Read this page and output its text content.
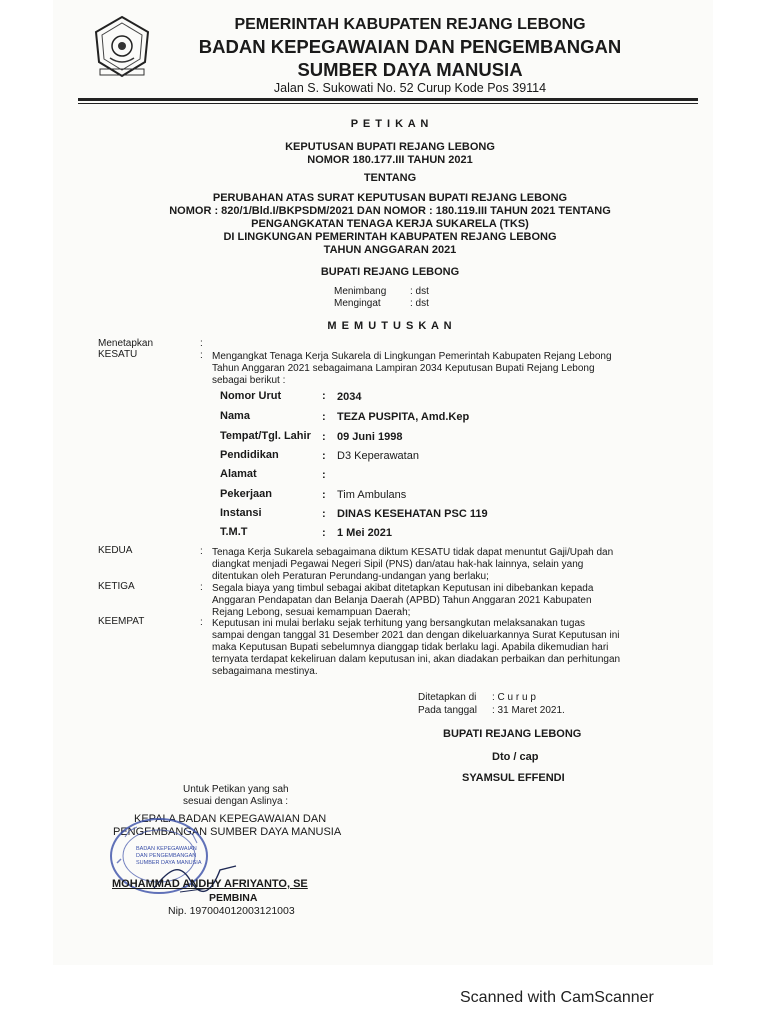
PEMERINTAH KABUPATEN REJANG LEBONG
BADAN KEPEGAWAIAN DAN PENGEMBANGAN
SUMBER DAYA MANUSIA
Jalan S. Sukowati No. 52 Curup Kode Pos 39114
P E T I K A N
KEPUTUSAN BUPATI REJANG LEBONG
NOMOR 180.177.III TAHUN 2021
TENTANG
PERUBAHAN ATAS SURAT KEPUTUSAN BUPATI REJANG LEBONG
NOMOR : 820/1/Bld.I/BKPSDM/2021 DAN NOMOR : 180.119.III TAHUN 2021 TENTANG
PENGANGKATAN TENAGA KERJA SUKARELA (TKS)
DI LINGKUNGAN PEMERINTAH KABUPATEN REJANG LEBONG
TAHUN ANGGARAN 2021
BUPATI REJANG LEBONG
Menimbang : dst
Mengingat	: dst
M E M U T U S K A N
Menetapkan	:
KESATU	: Mengangkat Tenaga Kerja Sukarela di Lingkungan Pemerintah Kabupaten Rejang Lebong
Tahun Anggaran 2021 sebagaimana Lampiran 2034 Keputusan Bupati Rejang Lebong
sebagai berikut :
Nomor Urut	: 2034
Nama	: TEZA PUSPITA, Amd.Kep
Tempat/Tgl. Lahir : 09 Juni 1998
Pendidikan	: D3 Keperawatan
Alamat	:
Pekerjaan	: Tim Ambulans
Instansi	: DINAS KESEHATAN PSC 119
T.M.T	: 1 Mei 2021
KEDUA	: Tenaga Kerja Sukarela sebagaimana diktum KESATU tidak dapat menuntut Gaji/Upah dan
diangkat menjadi Pegawai Negeri Sipil (PNS) dan/atau hak-hak lainnya, selain yang
ditentukan oleh Peraturan Perundang-undangan yang berlaku;
KETIGA	: Segala biaya yang timbul sebagai akibat ditetapkan Keputusan ini dibebankan kepada
Anggaran Pendapatan dan Belanja Daerah (APBD) Tahun Anggaran 2021 Kabupaten
Rejang Lebong, sesuai kemampuan Daerah;
KEEMPAT	: Keputusan ini mulai berlaku sejak terhitung yang bersangkutan melaksanakan tugas
sampai dengan tanggal 31 Desember 2021 dan dengan dikeluarkannya Surat Keputusan ini
maka Keputusan Bupati sebelumnya dianggap tidak berlaku lagi. Apabila dikemudian hari
ternyata terdapat kekeliruan dalam keputusan ini, akan diadakan perbaikan dan perhitungan
sebagaimana mestinya.
Ditetapkan di : C u r u p
Pada tanggal : 31 Maret 2021.
BUPATI REJANG LEBONG
Dto / cap
SYAMSUL EFFENDI
Untuk Petikan yang sah
sesuai dengan Aslinya :
KEPALA BADAN KEPEGAWAIAN DAN
PENGEMBANGAN SUMBER DAYA MANUSIA
BADAN KEPEGAWAIAN
DAN PENGEMBANGAN
SUMBER DAYA MANUSIA
MOHAMMAD ANDHY AFRIYANTO, SE
PEMBINA
Nip. 197004012003121003
Scanned with CamScanner
